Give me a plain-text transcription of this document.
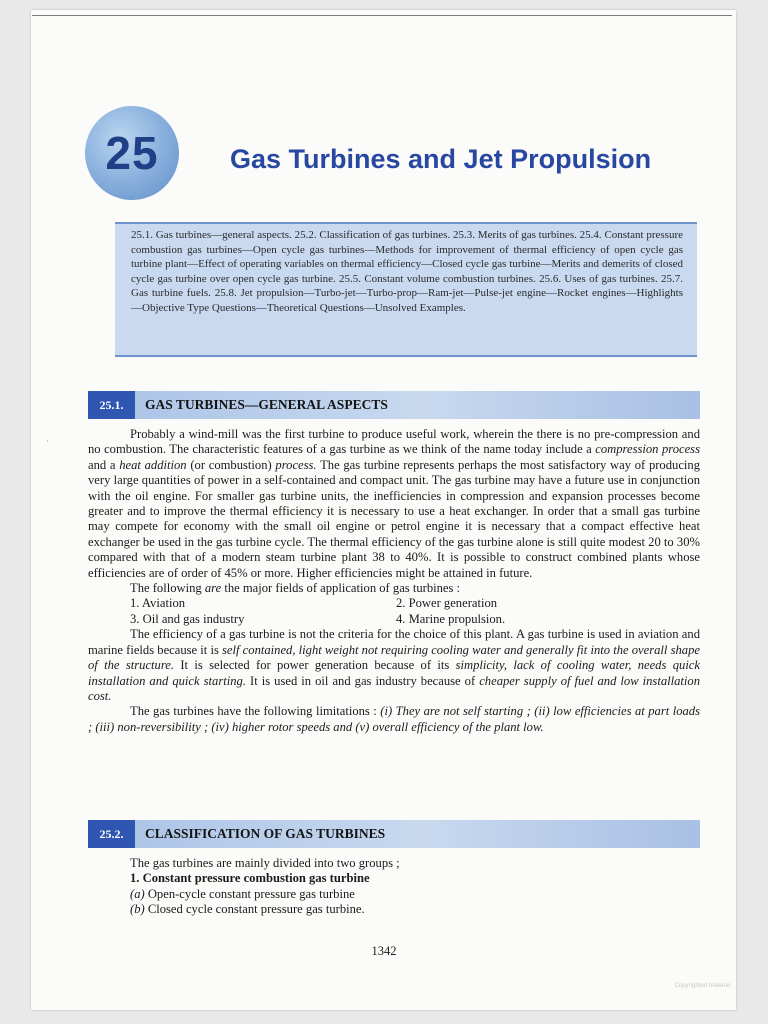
·
25	Gas Turbines and Jet Propulsion

25.1. Gas turbines—general aspects. 25.2. Classification of gas turbines. 25.3. Merits of gas turbines. 25.4. Constant pressure combustion gas turbines—Open cycle gas turbines—Methods for improvement of thermal efficiency of open cycle gas turbine plant—Effect of operating variables on thermal efficiency—Closed cycle gas turbine—Merits and demerits of closed cycle gas turbine over open cycle gas turbine. 25.5. Constant volume combustion turbines. 25.6. Uses of gas turbines. 25.7. Gas turbine fuels. 25.8. Jet propulsion—Turbo-jet—Turbo-prop—Ram-jet—Pulse-jet engine—Rocket engines—Highlights—Objective Type Questions—Theoretical Questions—Unsolved Examples.

25.1.	GAS TURBINES—GENERAL ASPECTS

Probably a wind-mill was the first turbine to produce useful work, wherein the there is no pre-compression and no combustion. The characteristic features of a gas turbine as we think of the name today include a compression process and a heat addition (or combustion) process. The gas turbine represents perhaps the most satisfactory way of producing very large quantities of power in a self-contained and compact unit. The gas turbine may have a future use in conjunction with the oil engine. For smaller gas turbine units, the inefficiencies in compression and expansion processes become greater and to improve the thermal efficiency it is necessary to use a heat exchanger. In order that a small gas turbine may compete for economy with the small oil engine or petrol engine it is necessary that a compact effective heat exchanger be used in the gas turbine cycle. The thermal efficiency of the gas turbine alone is still quite modest 20 to 30% compared with that of a modern steam turbine plant 38 to 40%. It is possible to construct combined plants whose efficiencies are of order of 45% or more. Higher efficiencies might be attained in future.

The following are the major fields of application of gas turbines :

1. Aviation	2. Power generation
3. Oil and gas industry	4. Marine propulsion.

The efficiency of a gas turbine is not the criteria for the choice of this plant. A gas turbine is used in aviation and marine fields because it is self contained, light weight not requiring cooling water and generally fit into the overall shape of the structure. It is selected for power generation because of its simplicity, lack of cooling water, needs quick installation and quick starting. It is used in oil and gas industry because of cheaper supply of fuel and low installation cost.

The gas turbines have the following limitations : (i) They are not self starting ; (ii) low efficiencies at part loads ; (iii) non-reversibility ; (iv) higher rotor speeds and (v) overall efficiency of the plant low.

25.2.	CLASSIFICATION OF GAS TURBINES

The gas turbines are mainly divided into two groups ;

1. Constant pressure combustion gas turbine

(a) Open-cycle constant pressure gas turbine

(b) Closed cycle constant pressure gas turbine.

1342
Copyrighted material
